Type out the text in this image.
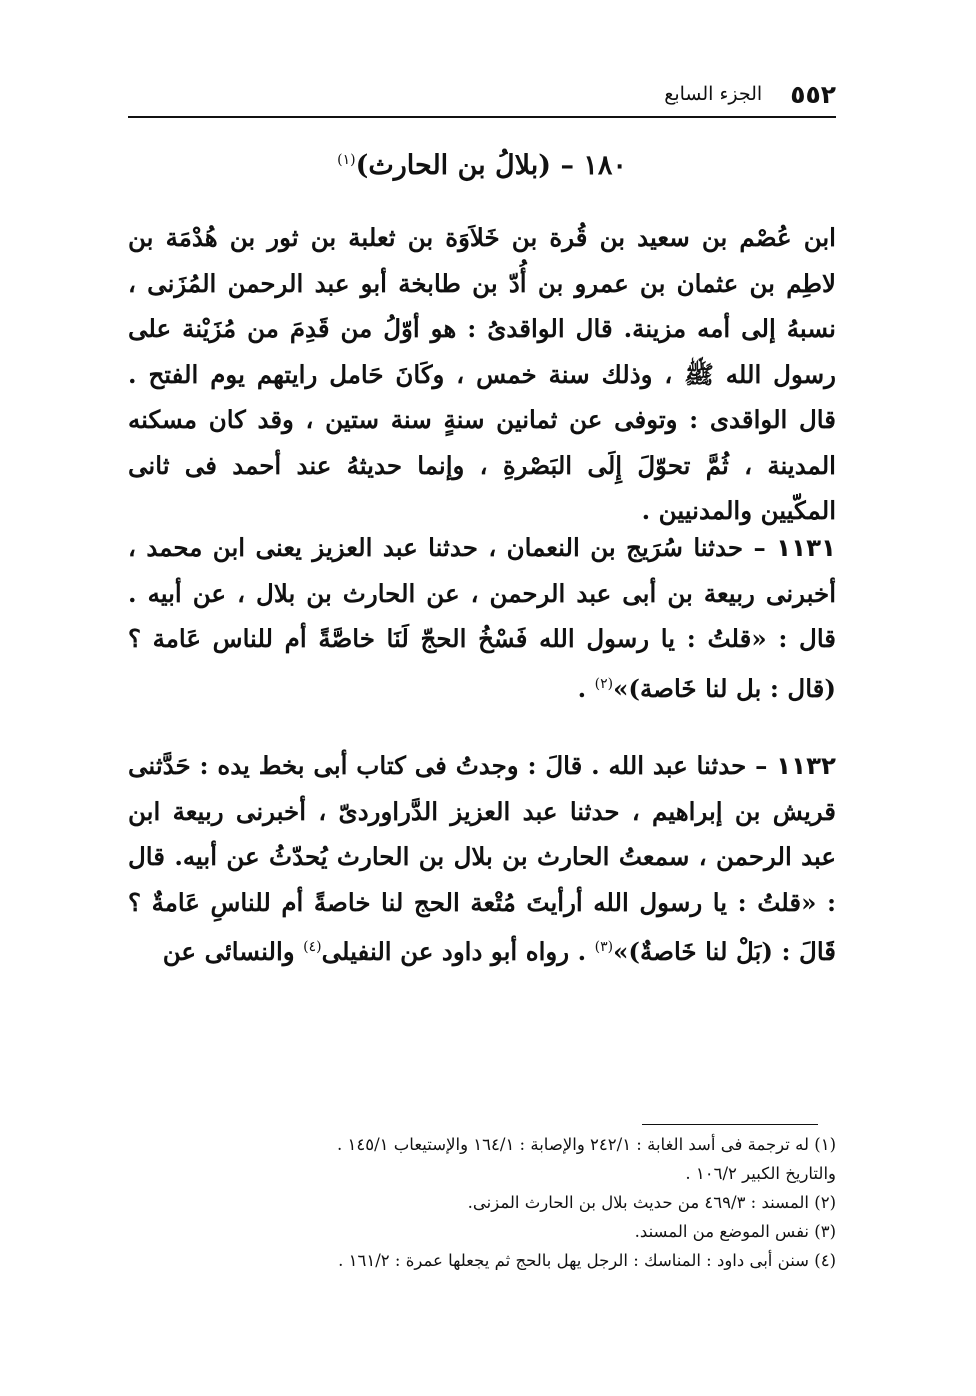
٥٥٢
الجزء السابع
١٨٠ – (بلالُ بن الحارث)$^{(١)}$
ابن عُصْم بن سعيد بن قُرة بن خَلاَوَة بن ثعلبة بن ثور بن هُدْمَة بن لاطِم بن عثمان بن عمرو بن أُدّ بن طابخة أبو عبد الرحمن المُزَنى ، نسبهُ إلى أمه مزينة. قال الواقدىُ : هو أوّلُ من قَدِمَ من مُزَيْنة على رسول الله ﷺ ، وذلك سنة خمس ، وكَانَ حَامل رايتهم يوم الفتح . قال الواقدى : وتوفى عن ثمانين سنةٍ سنة ستين ، وقد كان مسكنه المدينة ، ثُمَّ تحوّلَ إِلَى البَصْرةِ ، وإنما حديثهُ عند أحمد فى ثانى المكّيين والمدنيين .
١١٣١ – حدثنا سُرَيج بن النعمان ، حدثنا عبد العزيز يعنى ابن محمد ، أخبرنى ربيعة بن أبى عبد الرحمن ، عن الحارث بن بلال ، عن أبيه . قال : «قلتُ : يا رسول الله فَسْخُ الحجّ لَنَا خاصَّةً أم للناس عَامة ؟ (قال : بل لنا خَاصة)»$^{(٢)}$ .
١١٣٢ – حدثنا عبد الله . قالَ : وجدتُ فى كتاب أبى بخط يده : حَدَّثنى قريش بن إبراهيم ، حدثنا عبد العزيز الدَّراوردىّ ، أخبرنى ربيعة ابن عبد الرحمن ، سمعتُ الحارث بن بلال بن الحارث يُحدّثُ عن أبيه. قال : «قلتُ : يا رسول الله أرأيتَ مُتْعة الحج لنا خاصةً أم للناسِ عَامةٌ ؟ قَالَ : (بَلْ لنا خَاصةٌ)»$^{(٣)}$ . رواه أبو داود عن النفيلى$^{(٤)}$ والنسائى عن

(١) له ترجمة فى أسد الغابة : ٢٤٢/١ والإصابة : ١٦٤/١ والإستيعاب ١٤٥/١ .
والتاريخ الكبير ١٠٦/٢ .

(٢) المسند : ٤٦٩/٣ من حديث بلال بن الحارث المزنى.

(٣) نفس الموضع من المسند.

(٤) سنن أبى داود : المناسك : الرجل يهل بالحج ثم يجعلها عمرة : ١٦١/٢ .
